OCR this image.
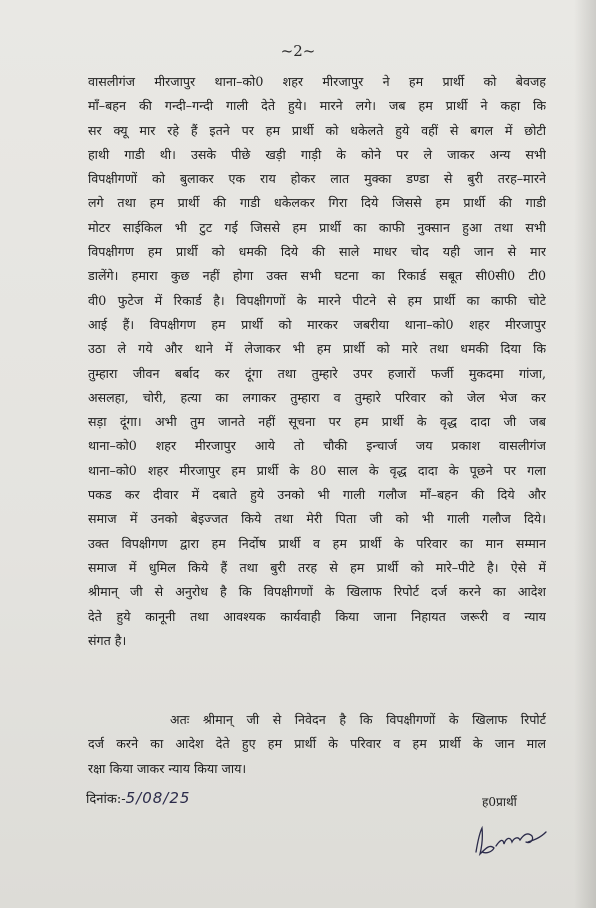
~2~
वासलीगंज मीरजापुर थाना–को0 शहर मीरजापुर ने हम प्रार्थी को बेवजह
माँ–बहन की गन्दी–गन्दी गाली देते हुये। मारने लगे। जब हम प्रार्थी ने कहा कि
सर क्यू मार रहे हैं इतने पर हम प्रार्थी को धकेलते हुये वहीं से बगल में छोटी
हाथी गाडी थी। उसके पीछे खड़ी गाड़ी के कोने पर ले जाकर अन्य सभी
विपक्षीगणों को बुलाकर एक राय होकर लात मुक्का डण्डा से बुरी तरह–मारने
लगे तथा हम प्रार्थी की गाडी धकेलकर गिरा दिये जिससे हम प्रार्थी की गाडी
मोटर साईकिल भी टुट गई जिससे हम प्रार्थी का काफी नुक्सान हुआ तथा सभी
विपक्षीगण हम प्रार्थी को धमकी दिये की साले माधर चोद यही जान से मार
डालेंगे। हमारा कुछ नहीं होगा उक्त सभी घटना का रिकार्ड सबूत सी0सी0 टी0
वी0 फुटेज में रिकार्ड है। विपक्षीगणों के मारने पीटने से हम प्रार्थी का काफी चोटे
आई हैं। विपक्षीगण हम प्रार्थी को मारकर जबरीया थाना–को0 शहर मीरजापुर
उठा ले गये और थाने में लेजाकर भी हम प्रार्थी को मारे तथा धमकी दिया कि
तुम्हारा जीवन बर्बाद कर दूंगा तथा तुम्हारे उपर हजारों फर्जी मुकदमा गांजा,
असलहा, चोरी, हत्या का लगाकर तुम्हारा व तुम्हारे परिवार को जेल भेज कर
सड़ा दूंगा। अभी तुम जानते नहीं सूचना पर हम प्रार्थी के वृद्ध दादा जी जब
थाना–को0 शहर मीरजापुर आये तो चौकी इन्चार्ज जय प्रकाश वासलीगंज
थाना–को0 शहर मीरजापुर हम प्रार्थी के 80 साल के वृद्ध दादा के पूछने पर गला
पकड कर दीवार में दबाते हुये उनको भी गाली गलौज माँ–बहन की दिये और
समाज में उनको बेइज्जत किये तथा मेरी पिता जी को भी गाली गलौज दिये।
उक्त विपक्षीगण द्वारा हम निर्दोष प्रार्थी व हम प्रार्थी के परिवार का मान सम्मान
समाज में धुमिल किये हैं तथा बुरी तरह से हम प्रार्थी को मारे–पीटे है। ऐसे में
श्रीमान् जी से अनुरोध है कि विपक्षीगणों के खिलाफ रिपोर्ट दर्ज करने का आदेश
देते हुये कानूनी तथा आवश्यक कार्यवाही किया जाना निहायत जरूरी व न्याय
संगत है।
अतः श्रीमान् जी से निवेदन है कि विपक्षीगणों के खिलाफ रिपोर्ट
दर्ज करने का आदेश देते हुए हम प्रार्थी के परिवार व हम प्रार्थी के जान माल
रक्षा किया जाकर न्याय किया जाय।
दिनांक:-5/08/25	ह0प्रार्थी
